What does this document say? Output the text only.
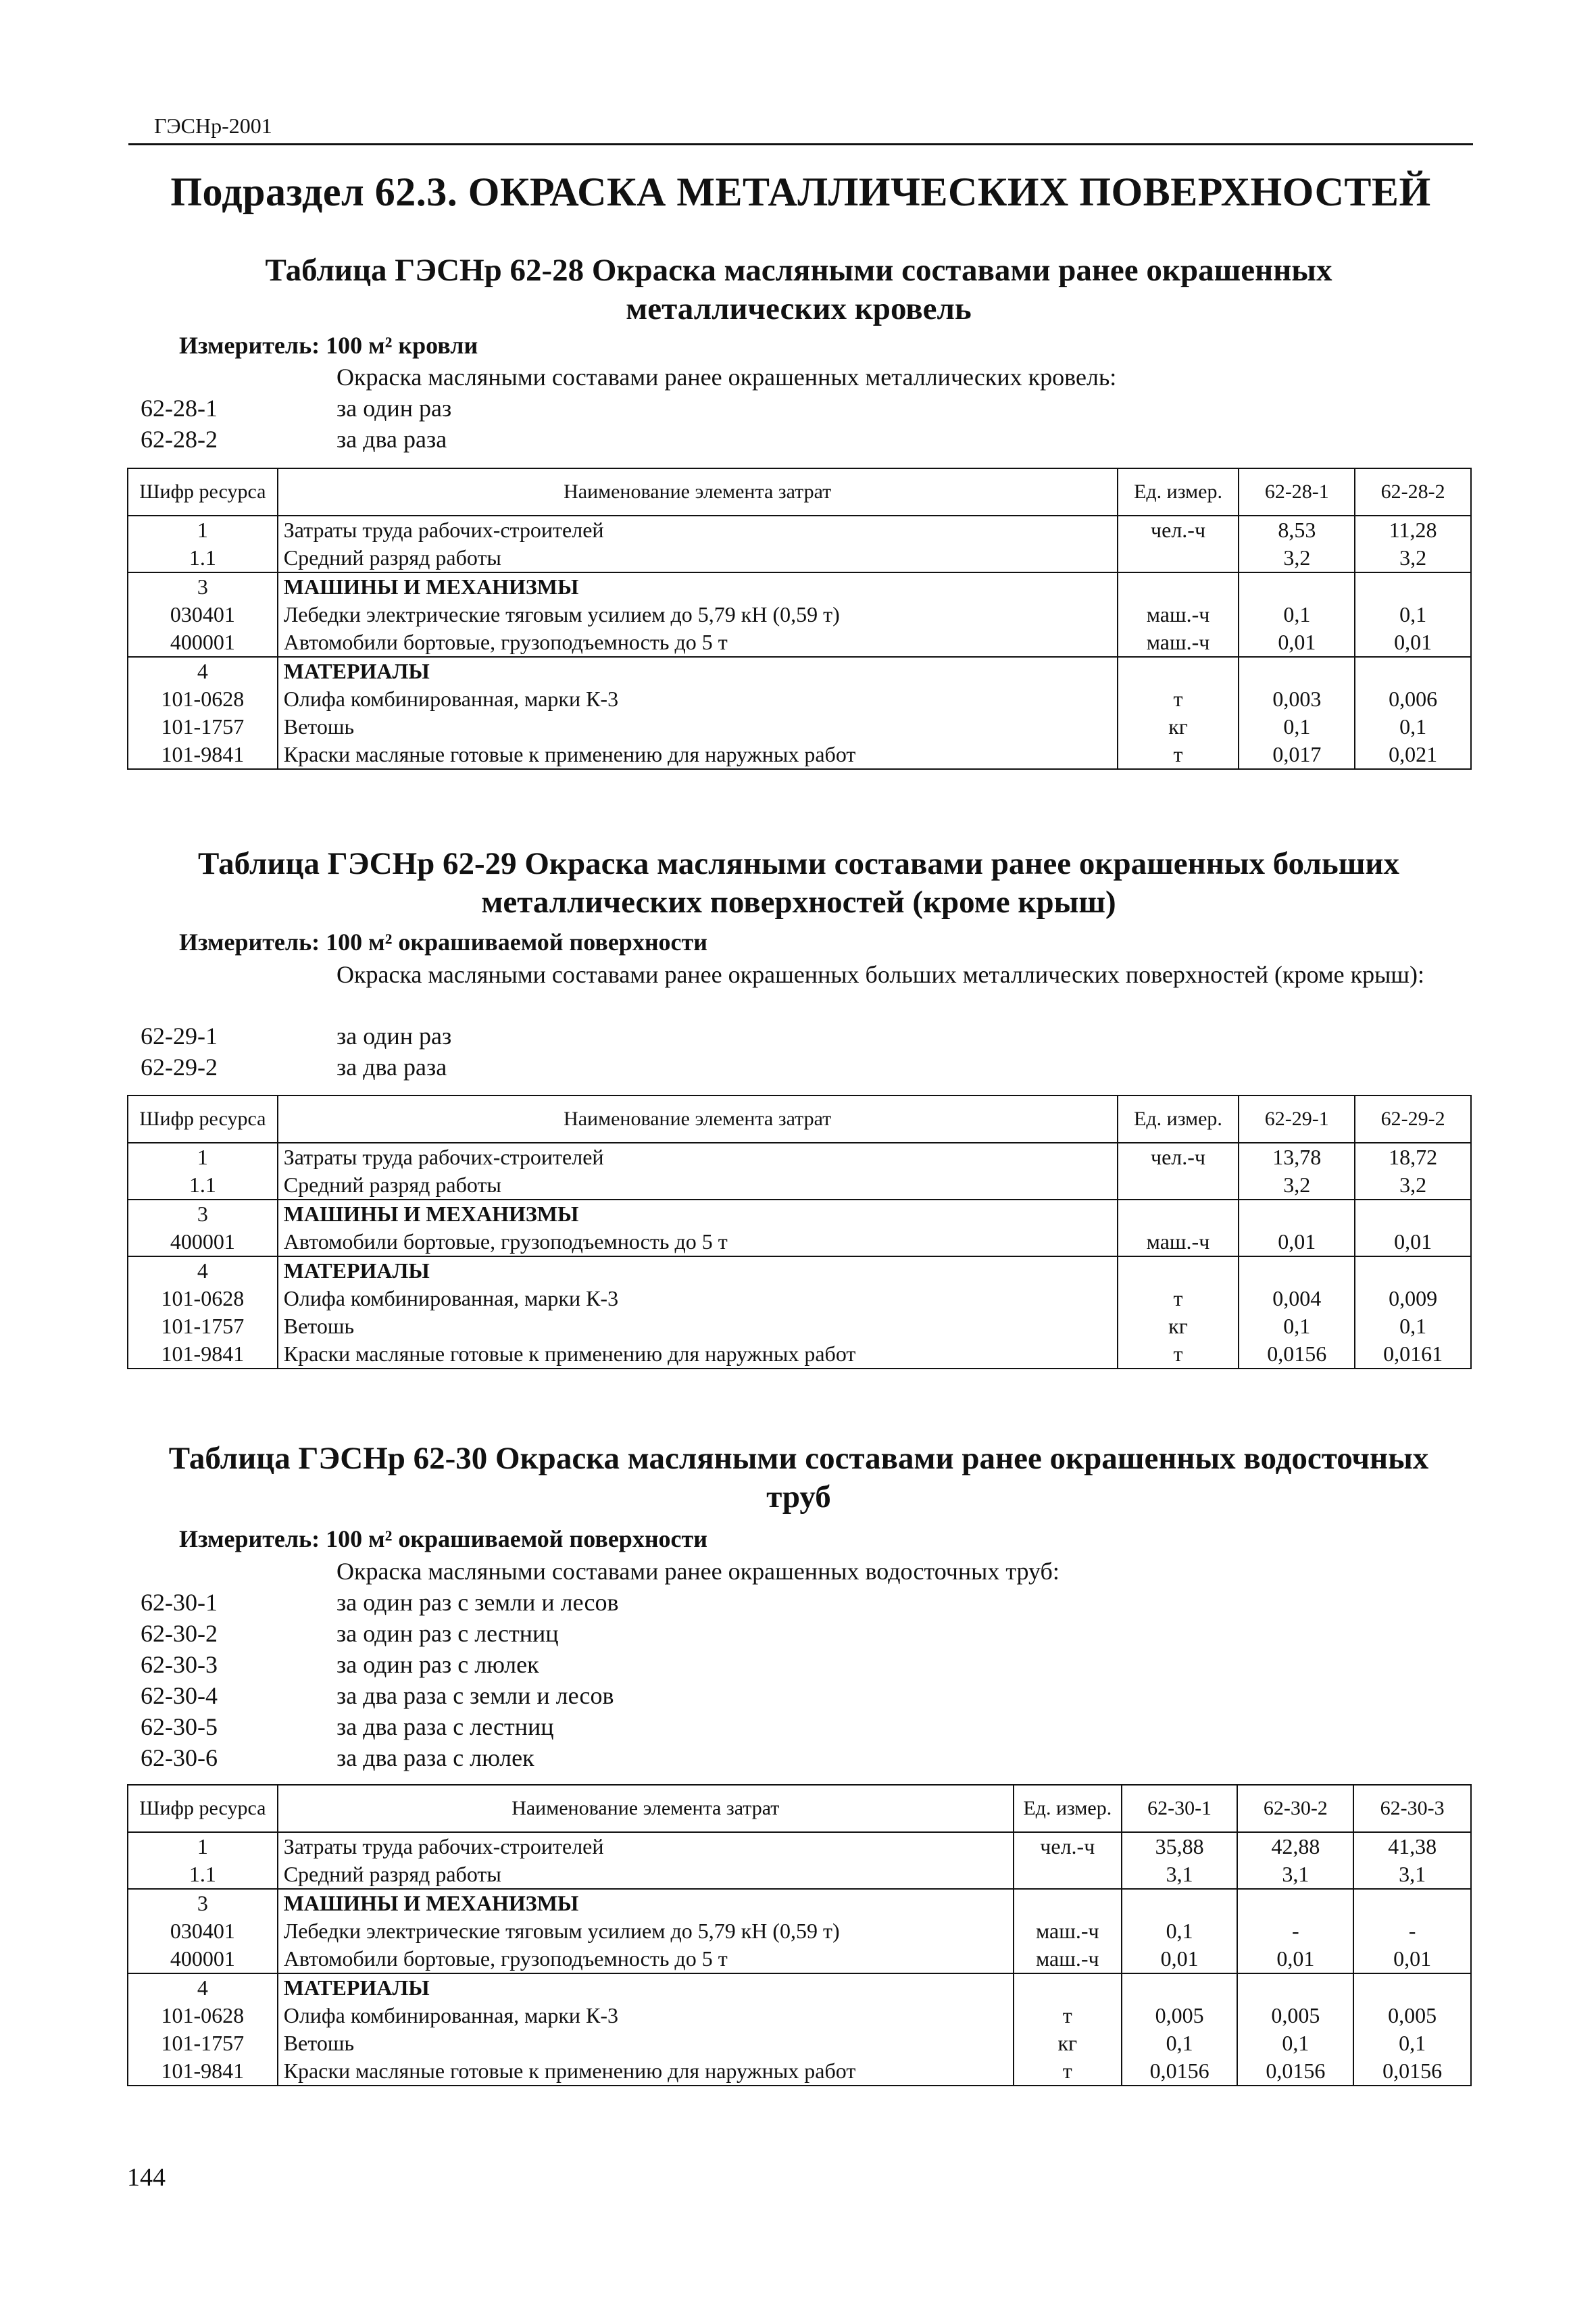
ГЭСНр-2001
Подраздел 62.3. ОКРАСКА МЕТАЛЛИЧЕСКИХ ПОВЕРХНОСТЕЙ
Таблица ГЭСНр 62-28 Окраска масляными составами ранее окрашенных
металлических кровель
Измеритель: 100 м² кровли
Окраска масляными составами ранее окрашенных металлических кровель:
62-28-1	за один раз
62-28-2	за два раза
Шифр ресурса	Наименование элемента затрат	Ед. измер.	62-28-1	62-28-2
1	Затраты труда рабочих-строителей	чел.-ч	8,53	11,28
1.1	Средний разряд работы		3,2	3,2
3	МАШИНЫ И МЕХАНИЗМЫ			
030401	Лебедки электрические тяговым усилием до 5,79 кН (0,59 т)	маш.-ч	0,1	0,1
400001	Автомобили бортовые, грузоподъемность до 5 т	маш.-ч	0,01	0,01
4	МАТЕРИАЛЫ			
101-0628	Олифа комбинированная, марки К-3	т	0,003	0,006
101-1757	Ветошь	кг	0,1	0,1
101-9841	Краски масляные готовые к применению для наружных работ	т	0,017	0,021
Таблица ГЭСНр 62-29 Окраска масляными составами ранее окрашенных больших
металлических поверхностей (кроме крыш)
Измеритель: 100 м² окрашиваемой поверхности
Окраска масляными составами ранее окрашенных больших металлических поверхностей (кроме крыш):
62-29-1	за один раз
62-29-2	за два раза
Шифр ресурса	Наименование элемента затрат	Ед. измер.	62-29-1	62-29-2
1	Затраты труда рабочих-строителей	чел.-ч	13,78	18,72
1.1	Средний разряд работы		3,2	3,2
3	МАШИНЫ И МЕХАНИЗМЫ			
400001	Автомобили бортовые, грузоподъемность до 5 т	маш.-ч	0,01	0,01
4	МАТЕРИАЛЫ			
101-0628	Олифа комбинированная, марки К-3	т	0,004	0,009
101-1757	Ветошь	кг	0,1	0,1
101-9841	Краски масляные готовые к применению для наружных работ	т	0,0156	0,0161
Таблица ГЭСНр 62-30 Окраска масляными составами ранее окрашенных водосточных
труб
Измеритель: 100 м² окрашиваемой поверхности
Окраска масляными составами ранее окрашенных водосточных труб:
62-30-1	за один раз с земли и лесов
62-30-2	за один раз с лестниц
62-30-3	за один раз с люлек
62-30-4	за два раза с земли и лесов
62-30-5	за два раза с лестниц
62-30-6	за два раза с люлек
Шифр ресурса	Наименование элемента затрат	Ед. измер.	62-30-1	62-30-2	62-30-3
1	Затраты труда рабочих-строителей	чел.-ч	35,88	42,88	41,38
1.1	Средний разряд работы		3,1	3,1	3,1
3	МАШИНЫ И МЕХАНИЗМЫ				
030401	Лебедки электрические тяговым усилием до 5,79 кН (0,59 т)	маш.-ч	0,1	-	-
400001	Автомобили бортовые, грузоподъемность до 5 т	маш.-ч	0,01	0,01	0,01
4	МАТЕРИАЛЫ				
101-0628	Олифа комбинированная, марки К-3	т	0,005	0,005	0,005
101-1757	Ветошь	кг	0,1	0,1	0,1
101-9841	Краски масляные готовые к применению для наружных работ	т	0,0156	0,0156	0,0156
144
